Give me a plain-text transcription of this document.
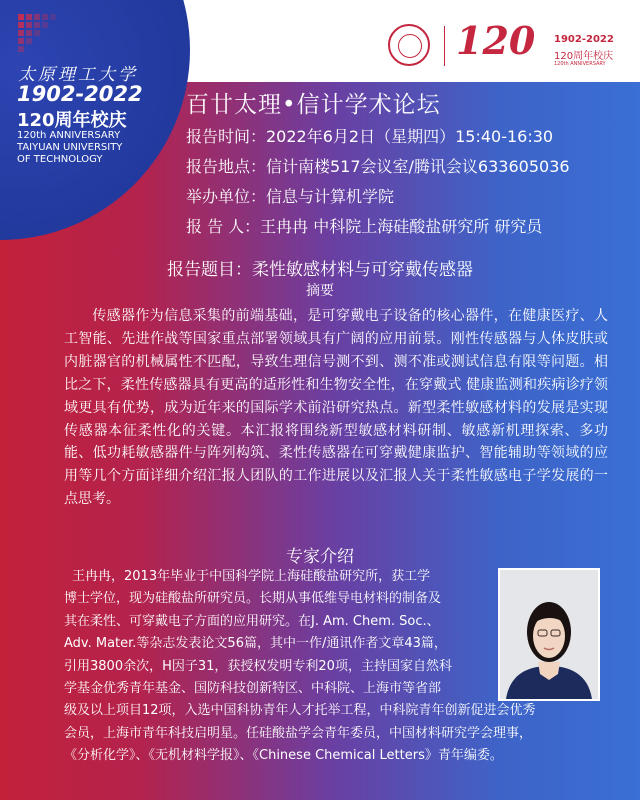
太原理工大学
1902-2022
120周年校庆
120th ANNIVERSARY
TAIYUAN UNIVERSITY
OF TECHNOLOGY
120 1902-2022
120周年校庆
120th ANNIVERSARY
百廿太理•信计学术论坛
报告时间：2022年6月2日（星期四）15:40-16:30
报告地点：信计南楼517会议室/腾讯会议633605036
举办单位：信息与计算机学院
报 告 人：王冉冉 中科院上海硅酸盐研究所 研究员
报告题目：柔性敏感材料与可穿戴传感器
摘要
传感器作为信息采集的前端基础，是可穿戴电子设备的核心器件，在健康医疗、人工智能、先进作战等国家重点部署领域具有广阔的应用前景。刚性传感器与人体皮肤或内脏器官的机械属性不匹配，导致生理信号测不到、测不准或测试信息有限等问题。相比之下，柔性传感器具有更高的适形性和生物安全性，在穿戴式 健康监测和疾病诊疗领域更具有优势，成为近年来的国际学术前沿研究热点。新型柔性敏感材料的发展是实现传感器本征柔性化的关键。本汇报将围绕新型敏感材料研制、敏感新机理探索、多功能、低功耗敏感器件与阵列构筑、柔性传感器在可穿戴健康监护、智能辅助等领域的应用等几个方面详细介绍汇报人团队的工作进展以及汇报人关于柔性敏感电子学发展的一点思考。
专家介绍
王冉冉，2013年毕业于中国科学院上海硅酸盐研究所，获工学
博士学位，现为硅酸盐所研究员。长期从事低维导电材料的制备及
其在柔性、可穿戴电子方面的应用研究。在J. Am. Chem. Soc.、
Adv. Mater.等杂志发表论文56篇，其中一作/通讯作者文章43篇，
引用3800余次，H因子31，获授权发明专利20项，主持国家自然科
学基金优秀青年基金、国防科技创新特区、中科院、上海市等省部
级及以上项目12项，入选中国科协青年人才托举工程，中科院青年创新促进会优秀
会员，上海市青年科技启明星。任硅酸盐学会青年委员，中国材料研究学会理事，
《分析化学》、《无机材料学报》、《Chinese Chemical Letters》青年编委。
